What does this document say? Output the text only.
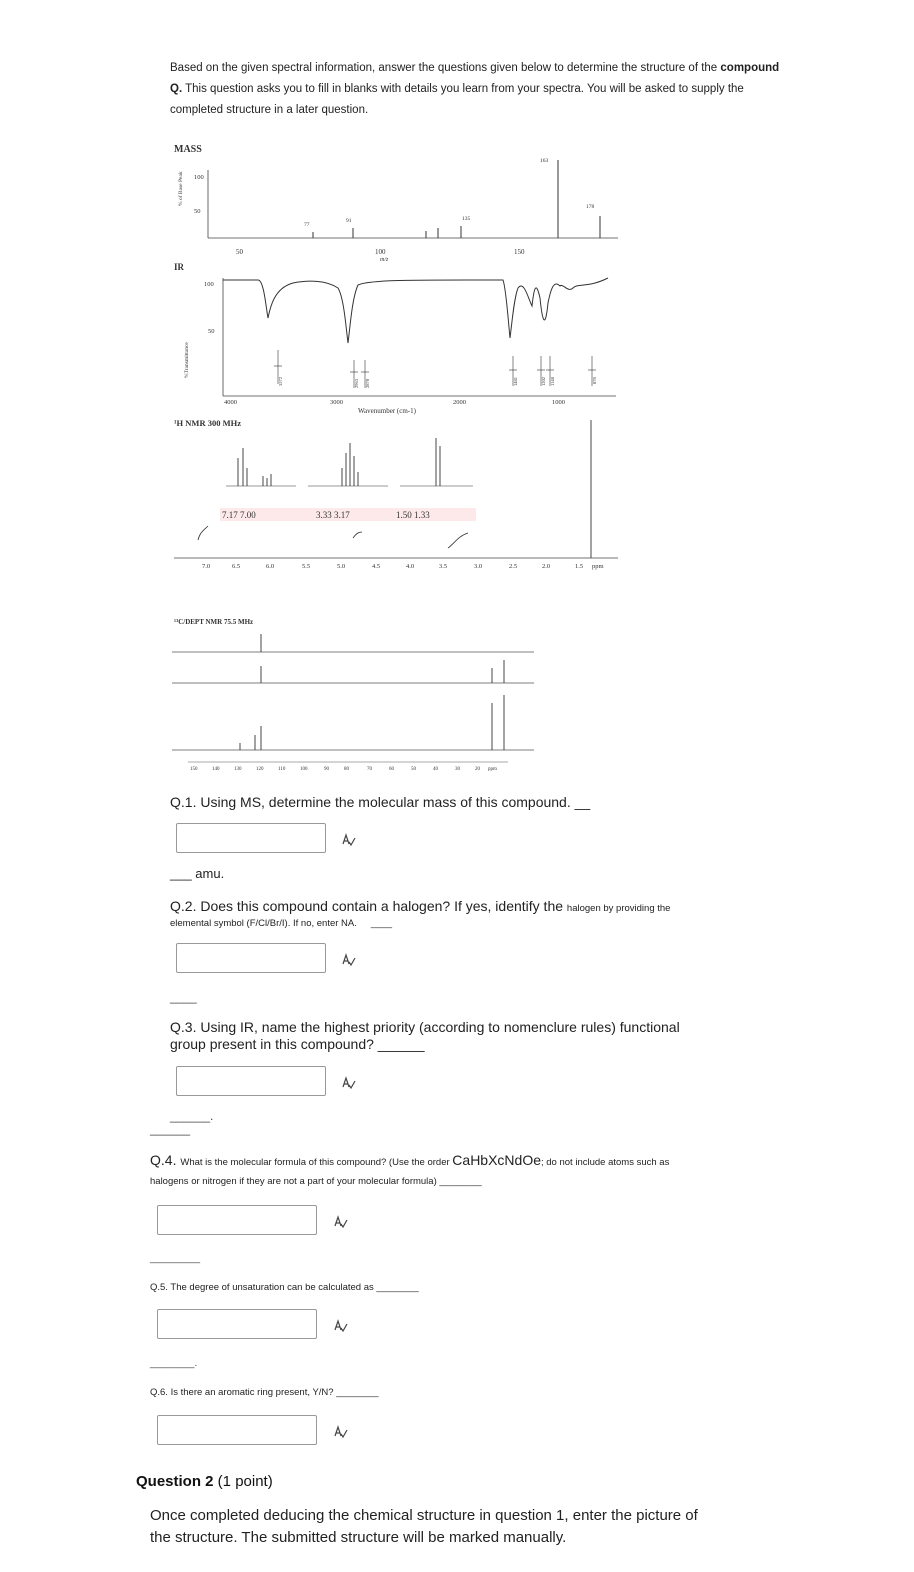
Based on the given spectral information, answer the questions given below to determine the structure of the compound
Q. This question asks you to fill in blanks with details you learn from your spectra. You will be asked to supply the
completed structure in a later question.
MASS
% of Base Peak 100
50
50	100	150
m/z
77
91	135
163
178
IR
%Transmittance
100
50
3572	2963 2870	1481	1202 1148	878
4000	3000	2000	1000
Wavenumber (cm-1)
¹H NMR 300 MHz
7.17 7.00	3.33 3.17	1.50 1.33
7.0	6.5	6.0	5.5	5.0	4.5	4.0	3.5	3.0	2.5	2.0	1.5 ppm
¹³C/DEPT NMR 75.5 MHz
150	140	130	120	110	100	90	80	70	60	50	40	30	20 ppm
Q.1. Using MS, determine the molecular mass of this compound. __
___ amu.
Q.2. Does this compound contain a halogen? If yes, identify the halogen by providing the
elemental symbol (F/Cl/Br/I). If no, enter NA. ____
____
Q.3. Using IR, name the highest priority (according to nomenclure rules) functional
group present in this compound? ______
______.
______
Q.4. What is the molecular formula of this compound? (Use the order CaHbXcNdOe; do not include atoms such as
halogens or nitrogen if they are not a part of your molecular formula) ________
_________
Q.5. The degree of unsaturation can be calculated as ________
________.
Q.6. Is there an aromatic ring present, Y/N? ________
Question 2 (1 point)
Once completed deducing the chemical structure in question 1, enter the picture of
the structure. The submitted structure will be marked manually.
